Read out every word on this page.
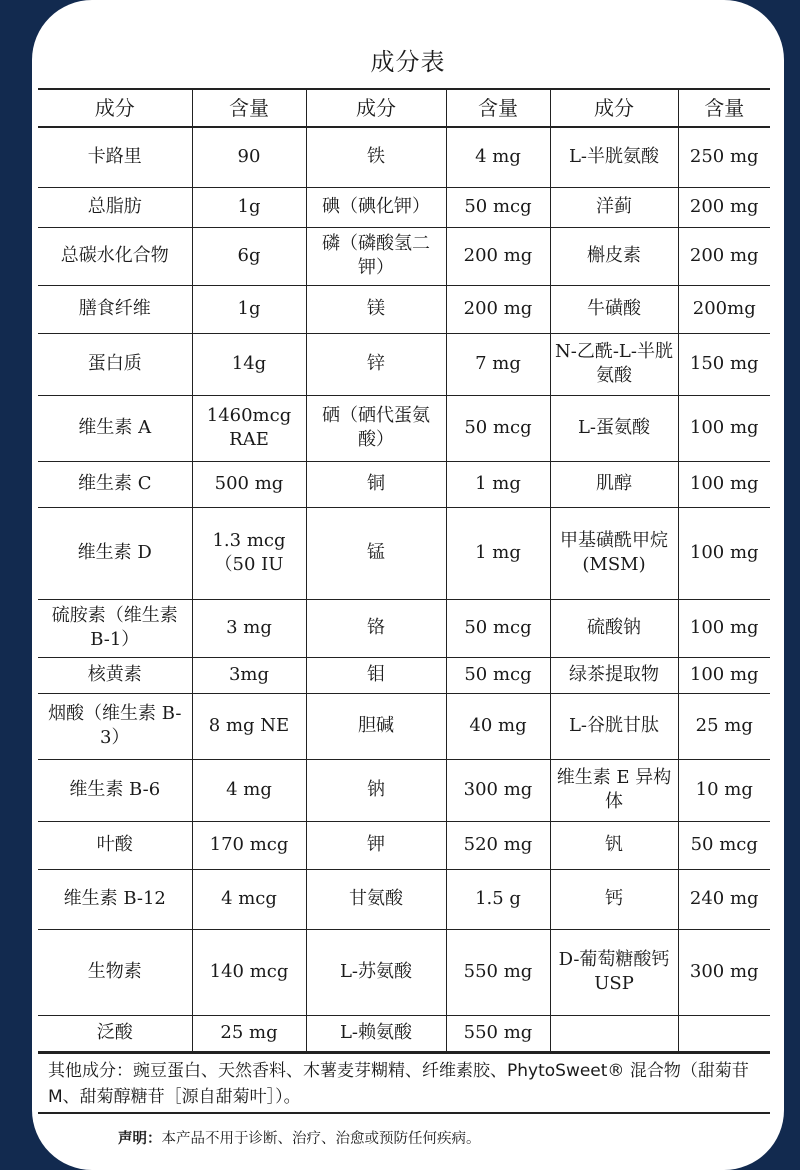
成分表
成分	含量	成分	含量	成分	含量
卡路里	90	铁	4 mg	L-半胱氨酸	250 mg
总脂肪	1g	碘（碘化钾）	50 mcg	洋蓟	200 mg
总碳水化合物	6g	磷（磷酸氢二钾）	200 mg	槲皮素	200 mg
膳食纤维	1g	镁	200 mg	牛磺酸	200mg
蛋白质	14g	锌	7 mg	N-乙酰-L-半胱氨酸	150 mg
维生素 A	1460mcg RAE	硒（硒代蛋氨酸）	50 mcg	L-蛋氨酸	100 mg
维生素 C	500 mg	铜	1 mg	肌醇	100 mg
维生素 D	1.3 mcg（50 IU	锰	1 mg	甲基磺酰甲烷 (MSM)	100 mg
硫胺素（维生素 B-1）	3 mg	铬	50 mcg	硫酸钠	100 mg
核黄素	3mg	钼	50 mcg	绿茶提取物	100 mg
烟酸（维生素 B-3）	8 mg NE	胆碱	40 mg	L-谷胱甘肽	25 mg
维生素 B-6	4 mg	钠	300 mg	维生素 E 异构体	10 mg
叶酸	170 mcg	钾	520 mg	钒	50 mcg
维生素 B-12	4 mcg	甘氨酸	1.5 g	钙	240 mg
生物素	140 mcg	L-苏氨酸	550 mg	D-葡萄糖酸钙USP	300 mg
泛酸	25 mg	L-赖氨酸	550 mg		
其他成分：豌豆蛋白、天然香料、木薯麦芽糊精、纤维素胶、PhytoSweet® 混合物（甜菊苷 M、甜菊醇糖苷［源自甜菊叶］）。
声明：本产品不用于诊断、治疗、治愈或预防任何疾病。
